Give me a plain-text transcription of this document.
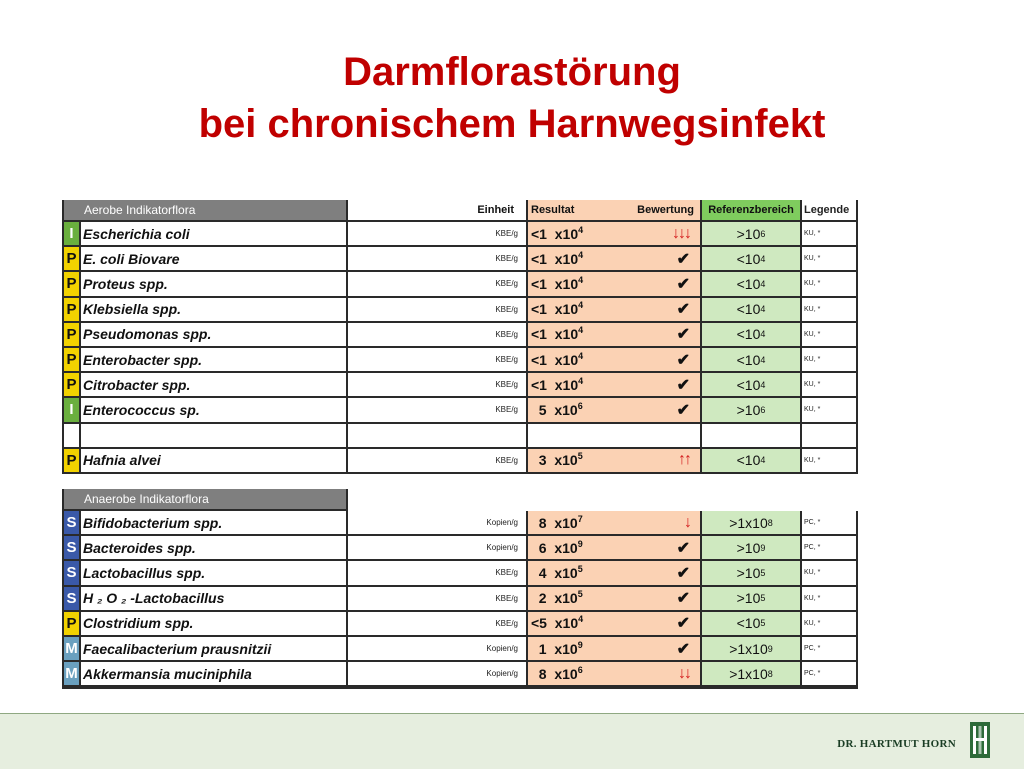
Darmflorastörung
bei chronischem Harnwegsinfekt
Aerobe Indikatorflora	Einheit	Resultat	Bewertung	Referenzbereich Legende
I Escherichia coli	KBE/g <1  $x10^4$	↓↓↓	>10 6	KU, *
P E. coli Biovare	KBE/g <1  $x10^4$	✔	<10 4	KU, *
P Proteus spp.	KBE/g <1  $x10^4$	✔	<10 4	KU, *
P Klebsiella spp.	KBE/g <1  $x10^4$	✔	<10 4	KU, *
P Pseudomonas spp.	KBE/g <1  $x10^4$	✔	<10 4	KU, *
P Enterobacter spp.	KBE/g <1  $x10^4$	✔	<10 4	KU, *
P Citrobacter spp.	KBE/g <1  $x10^4$	✔	<10 4	KU, *
I Enterococcus sp.	KBE/g 5  $x10^6$	✔	>10 6	KU, *
P Hafnia alvei	KBE/g 3  $x10^5$	↑↑	<10 4	KU, *
Anaerobe Indikatorflora
S Bifidobacterium spp.	Kopien/g 8  $x10^7$	↓	>1x10 8	PC, *
S Bacteroides spp.	Kopien/g 6  $x10^9$	✔	>10 9	PC, *
S Lactobacillus spp.	KBE/g 4  $x10^5$	✔	>10 5	KU, *
S H ₂ O ₂ -Lactobacillus	KBE/g 2  $x10^5$	✔	>10 5	KU, *
P Clostridium spp.	KBE/g <5  $x10^4$	✔	<10 5	KU, *
M Faecalibacterium prausnitzii	Kopien/g 1  $x10^9$	✔	>1x10 9	PC, *
M Akkermansia muciniphila	Kopien/g 8  $x10^6$	↓↓	>1x10 8	PC, *
DR. HARTMUT HORN
